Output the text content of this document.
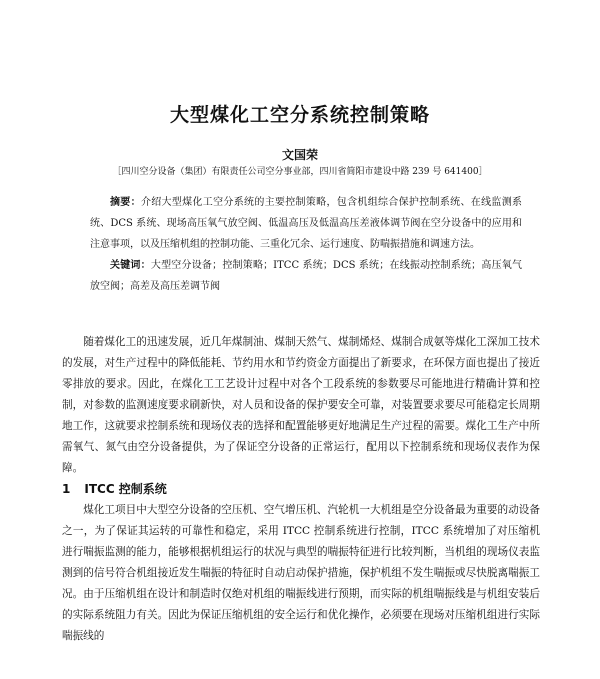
大型煤化工空分系统控制策略
文国荣
［四川空分设备（集团）有限责任公司空分事业部，四川省简阳市建设中路 239 号 641400］

摘要：介绍大型煤化工空分系统的主要控制策略，包含机组综合保护控制系统、在线监测系统、DCS 系统、现场高压氧气放空阀、低温高压及低温高压差液体调节阀在空分设备中的应用和注意事项，以及压缩机组的控制功能、三重化冗余、运行速度、防喘振措施和调速方法。

关键词：大型空分设备；控制策略；ITCC 系统；DCS 系统；在线振动控制系统；高压氧气放空阀；高差及高压差调节阀

随着煤化工的迅速发展，近几年煤制油、煤制天然气、煤制烯烃、煤制合成氨等煤化工深加工技术的发展，对生产过程中的降低能耗、节约用水和节约资金方面提出了新要求，在环保方面也提出了接近零排放的要求。因此，在煤化工工艺设计过程中对各个工段系统的参数要尽可能地进行精确计算和控制，对参数的监测速度要求刷新快，对人员和设备的保护要安全可靠，对装置要求要尽可能稳定长周期地工作，这就要求控制系统和现场仪表的选择和配置能够更好地满足生产过程的需要。煤化工生产中所需氧气、氮气由空分设备提供，为了保证空分设备的正常运行，配用以下控制系统和现场仪表作为保障。

1 ITCC 控制系统

煤化工项目中大型空分设备的空压机、空气增压机、汽轮机一大机组是空分设备最为重要的动设备之一，为了保证其运转的可靠性和稳定，采用 ITCC 控制系统进行控制，ITCC 系统增加了对压缩机进行喘振监测的能力，能够根据机组运行的状况与典型的喘振特征进行比较判断，当机组的现场仪表监测到的信号符合机组接近发生喘振的特征时自动启动保护措施，保护机组不发生喘振或尽快脱离喘振工况。由于压缩机组在设计和制造时仅绝对机组的喘振线进行预期，而实际的机组喘振线是与机组安装后的实际系统阻力有关。因此为保证压缩机组的安全运行和优化操作，必须要在现场对压缩机组进行实际喘振线的
